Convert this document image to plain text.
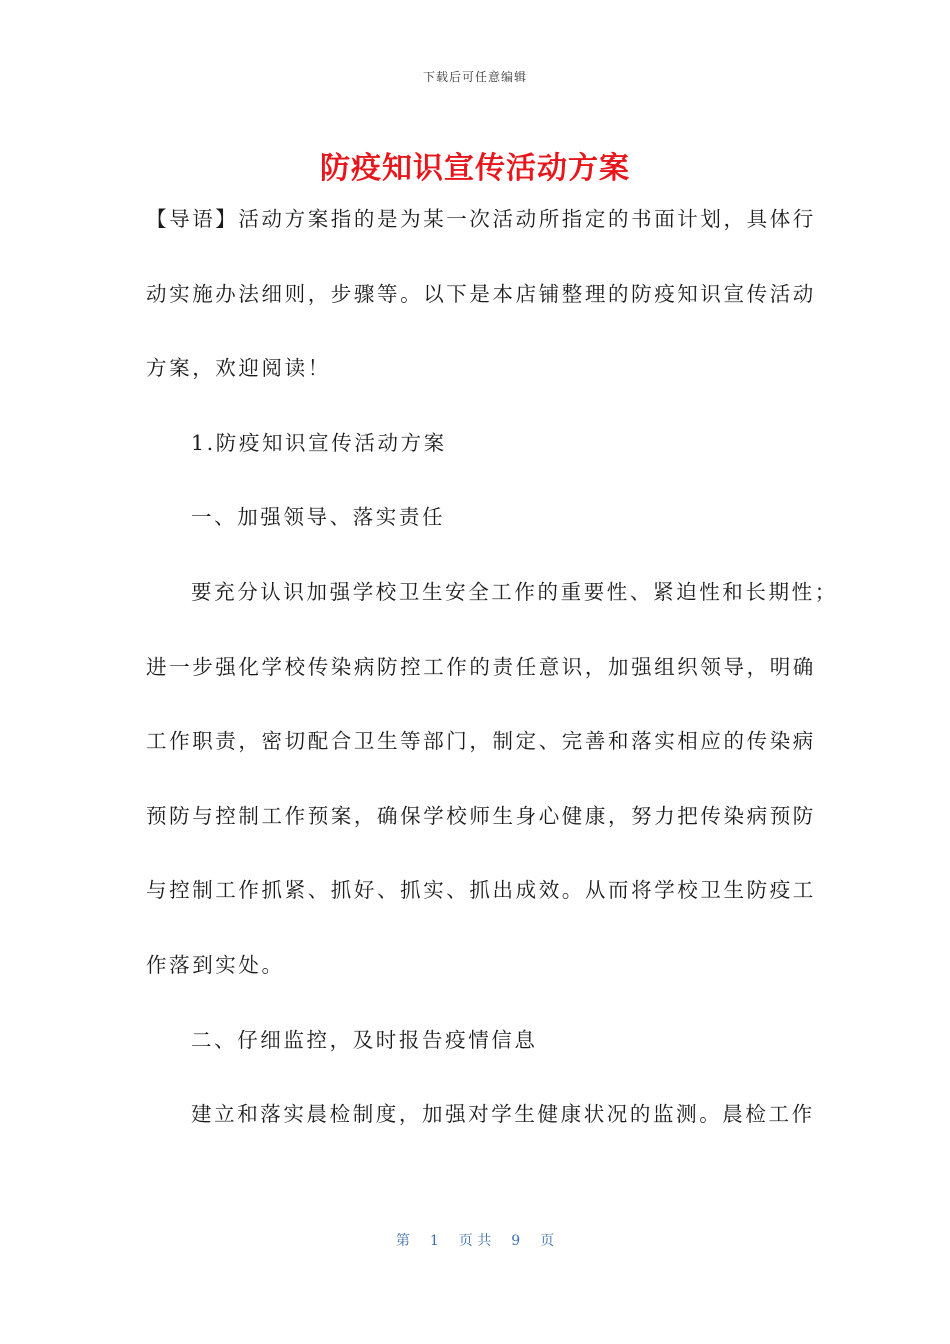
下载后可任意编辑
防疫知识宣传活动方案
【导语】活动方案指的是为某一次活动所指定的书面计划，具体行
动实施办法细则，步骤等。以下是本店铺整理的防疫知识宣传活动
方案，欢迎阅读！
1.防疫知识宣传活动方案
一、加强领导、落实责任
要充分认识加强学校卫生安全工作的重要性、紧迫性和长期性；
进一步强化学校传染病防控工作的责任意识，加强组织领导，明确
工作职责，密切配合卫生等部门，制定、完善和落实相应的传染病
预防与控制工作预案，确保学校师生身心健康，努力把传染病预防
与控制工作抓紧、抓好、抓实、抓出成效。从而将学校卫生防疫工
作落到实处。
二、仔细监控，及时报告疫情信息
建立和落实晨检制度，加强对学生健康状况的监测。晨检工作
第 1 页 共 9 页
